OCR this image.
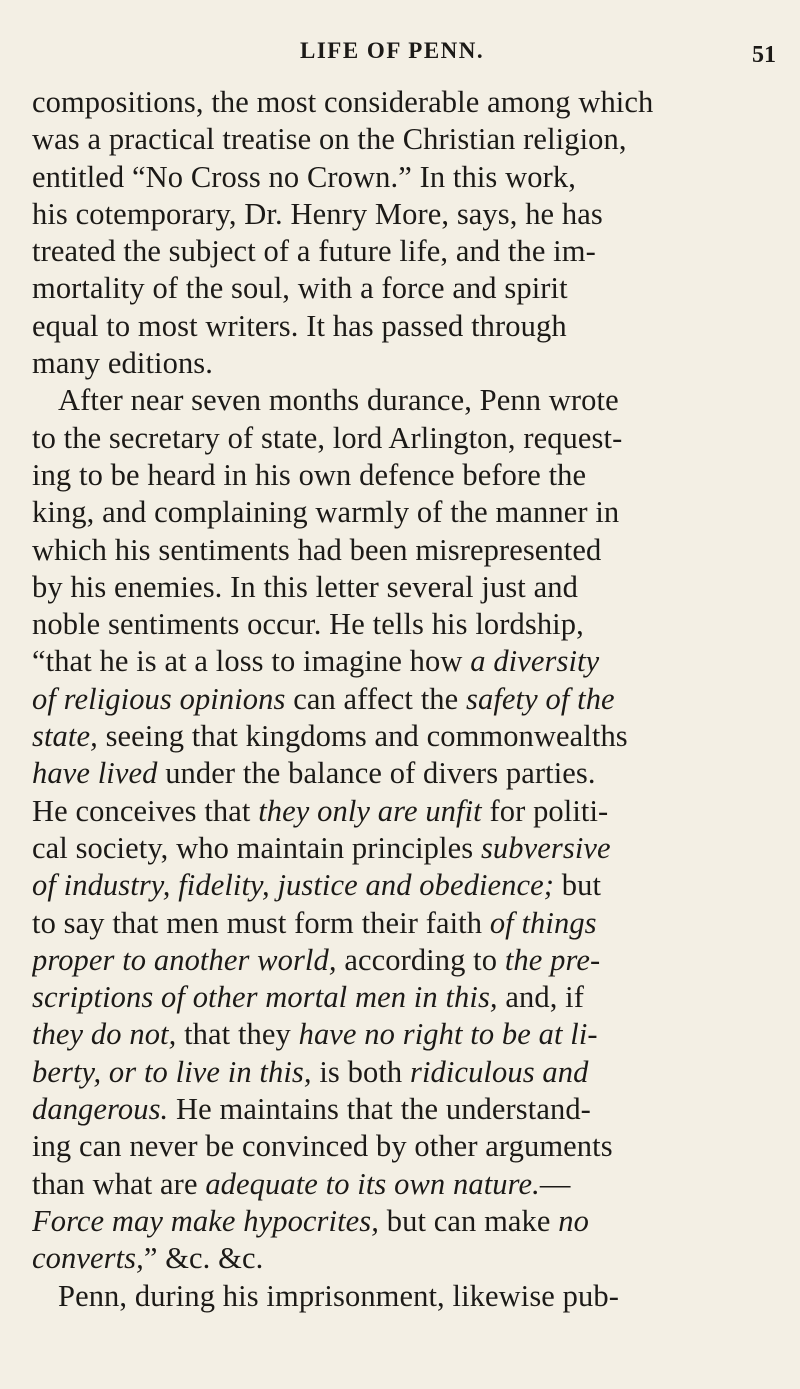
LIFE OF PENN.	51
compositions, the most considerable among which
was a practical treatise on the Christian religion,
entitled “No Cross no Crown.” In this work,
his cotemporary, Dr. Henry More, says, he has
treated the subject of a future life, and the im-
mortality of the soul, with a force and spirit
equal to most writers. It has passed through
many editions.
After near seven months durance, Penn wrote
to the secretary of state, lord Arlington, request-
ing to be heard in his own defence before the
king, and complaining warmly of the manner in
which his sentiments had been misrepresented
by his enemies. In this letter several just and
noble sentiments occur. He tells his lordship,
“that he is at a loss to imagine how a diversity
of religious opinions can affect the safety of the
state, seeing that kingdoms and commonwealths
have lived under the balance of divers parties.
He conceives that they only are unfit for politi-
cal society, who maintain principles subversive
of industry, fidelity, justice and obedience; but
to say that men must form their faith of things
proper to another world, according to the pre-
scriptions of other mortal men in this, and, if
they do not, that they have no right to be at li-
berty, or to live in this, is both ridiculous and
dangerous. He maintains that the understand-
ing can never be convinced by other arguments
than what are adequate to its own nature.—
Force may make hypocrites, but can make no
converts,” &c. &c.
Penn, during his imprisonment, likewise pub-
